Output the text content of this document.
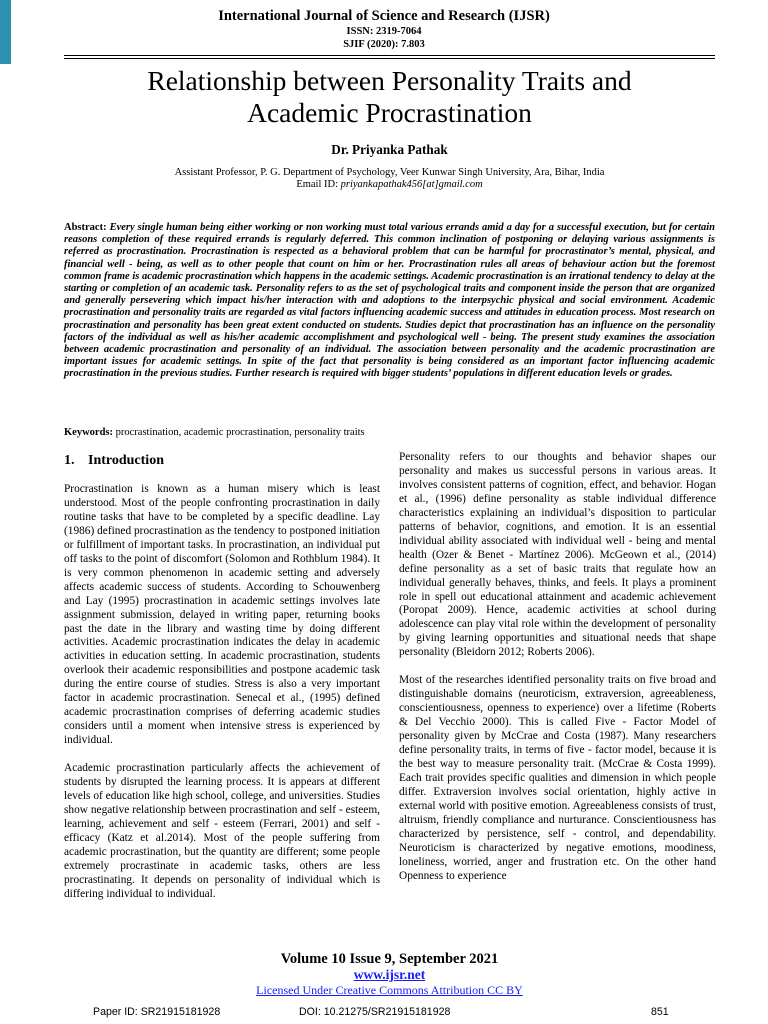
International Journal of Science and Research (IJSR)
ISSN: 2319-7064
SJIF (2020): 7.803
Relationship between Personality Traits and
Academic Procrastination
Dr. Priyanka Pathak
Assistant Professor, P. G. Department of Psychology, Veer Kunwar Singh University, Ara, Bihar, India
Email ID: priyankapathak456[at]gmail.com
Abstract: Every single human being either working or non working must total various errands amid a day for a successful execution, but for certain reasons completion of these required errands is regularly deferred. This common inclination of postponing or delaying various assignments is referred as procrastination. Procrastination is respected as a behavioral problem that can be harmful for procrastinator’s mental, physical, and financial well - being, as well as to other people that count on him or her. Procrastination rules all areas of behaviour action but the foremost common frame is academic procrastination which happens in the academic settings. Academic procrastination is an irrational tendency to delay at the starting or completion of an academic task. Personality refers to as the set of psychological traits and component inside the person that are organized and generally persevering which impact his/her interaction with and adoptions to the interpsychic physical and social environment. Academic procrastination and personality traits are regarded as vital factors influencing academic success and attitudes in education process. Most research on procrastination and personality has been great extent conducted on students. Studies depict that procrastination has an influence on the personality factors of the individual as well as his/her academic accomplishment and psychological well - being. The present study examines the association between academic procrastination and personality of an individual. The association between personality and the academic procrastination are important issues for academic settings. In spite of the fact that personality is being considered as an important factor influencing academic procrastination in the previous studies. Further research is required with bigger students’ populations in different education levels or grades.
Keywords: procrastination, academic procrastination, personality traits
1. Introduction

Procrastination is known as a human misery which is least understood. Most of the people confronting procrastination in daily routine tasks that have to be completed by a specific deadline. Lay (1986) defined procrastination as the tendency to postponed initiation or fulfillment of important tasks. In procrastination, an individual put off tasks to the point of discomfort (Solomon and Rothblum 1984). It is very common phenomenon in academic setting and adversely affects academic success of students. According to Schouwenberg and Lay (1995) procrastination in academic settings involves late assignment submission, delayed in writing paper, returning books past the date in the library and wasting time by doing different activities. Academic procrastination indicates the delay in academic activities in education setting. In academic procrastination, students overlook their academic responsibilities and postpone academic task during the entire course of studies. Stress is also a very important factor in academic procrastination. Senecal et al., (1995) defined academic procrastination comprises of deferring academic studies considers until a moment when intensive stress is experienced by individual.

Academic procrastination particularly affects the achievement of students by disrupted the learning process. It is appears at different levels of education like high school, college, and universities. Studies show negative relationship between procrastination and self - esteem, learning, achievement and self - esteem (Ferrari, 2001) and self - efficacy (Katz et al.2014). Most of the people suffering from academic procrastination, but the quantity are different; some people extremely procrastinate in academic tasks, others are less procrastinating. It depends on personality of individual which is differing individual to individual.

Personality refers to our thoughts and behavior shapes our personality and makes us successful persons in various areas. It involves consistent patterns of cognition, effect, and behavior. Hogan et al., (1996) define personality as stable individual difference characteristics explaining an individual’s disposition to particular patterns of behavior, cognitions, and emotion. It is an essential individual ability associated with individual well - being and mental health (Ozer & Benet - Martínez 2006). McGeown et al., (2014) define personality as a set of basic traits that regulate how an individual generally behaves, thinks, and feels. It plays a prominent role in spell out educational attainment and academic achievement (Poropat 2009). Hence, academic activities at school during adolescence can play vital role within the development of personality by giving learning opportunities and situational needs that shape personality (Bleidorn 2012; Roberts 2006).

Most of the researches identified personality traits on five broad and distinguishable domains (neuroticism, extraversion, agreeableness, conscientiousness, openness to experience) over a lifetime (Roberts & Del Vecchio 2000). This is called Five - Factor Model of personality given by McCrae and Costa (1987). Many researchers define personality traits, in terms of five - factor model, because it is the best way to measure personality trait. (McCrae & Costa 1999). Each trait provides specific qualities and dimension in which people differ. Extraversion involves social orientation, highly active in external world with positive emotion. Agreeableness consists of trust, altruism, friendly compliance and nurturance. Conscientiousness has characterized by persistence, self - control, and dependability. Neuroticism is characterized by negative emotions, moodiness, loneliness, worried, anger and frustration etc. On the other hand Openness to experience

Volume 10 Issue 9, September 2021
www.ijsr.net
Licensed Under Creative Commons Attribution CC BY
Paper ID: SR21915181928	DOI: 10.21275/SR21915181928	851
